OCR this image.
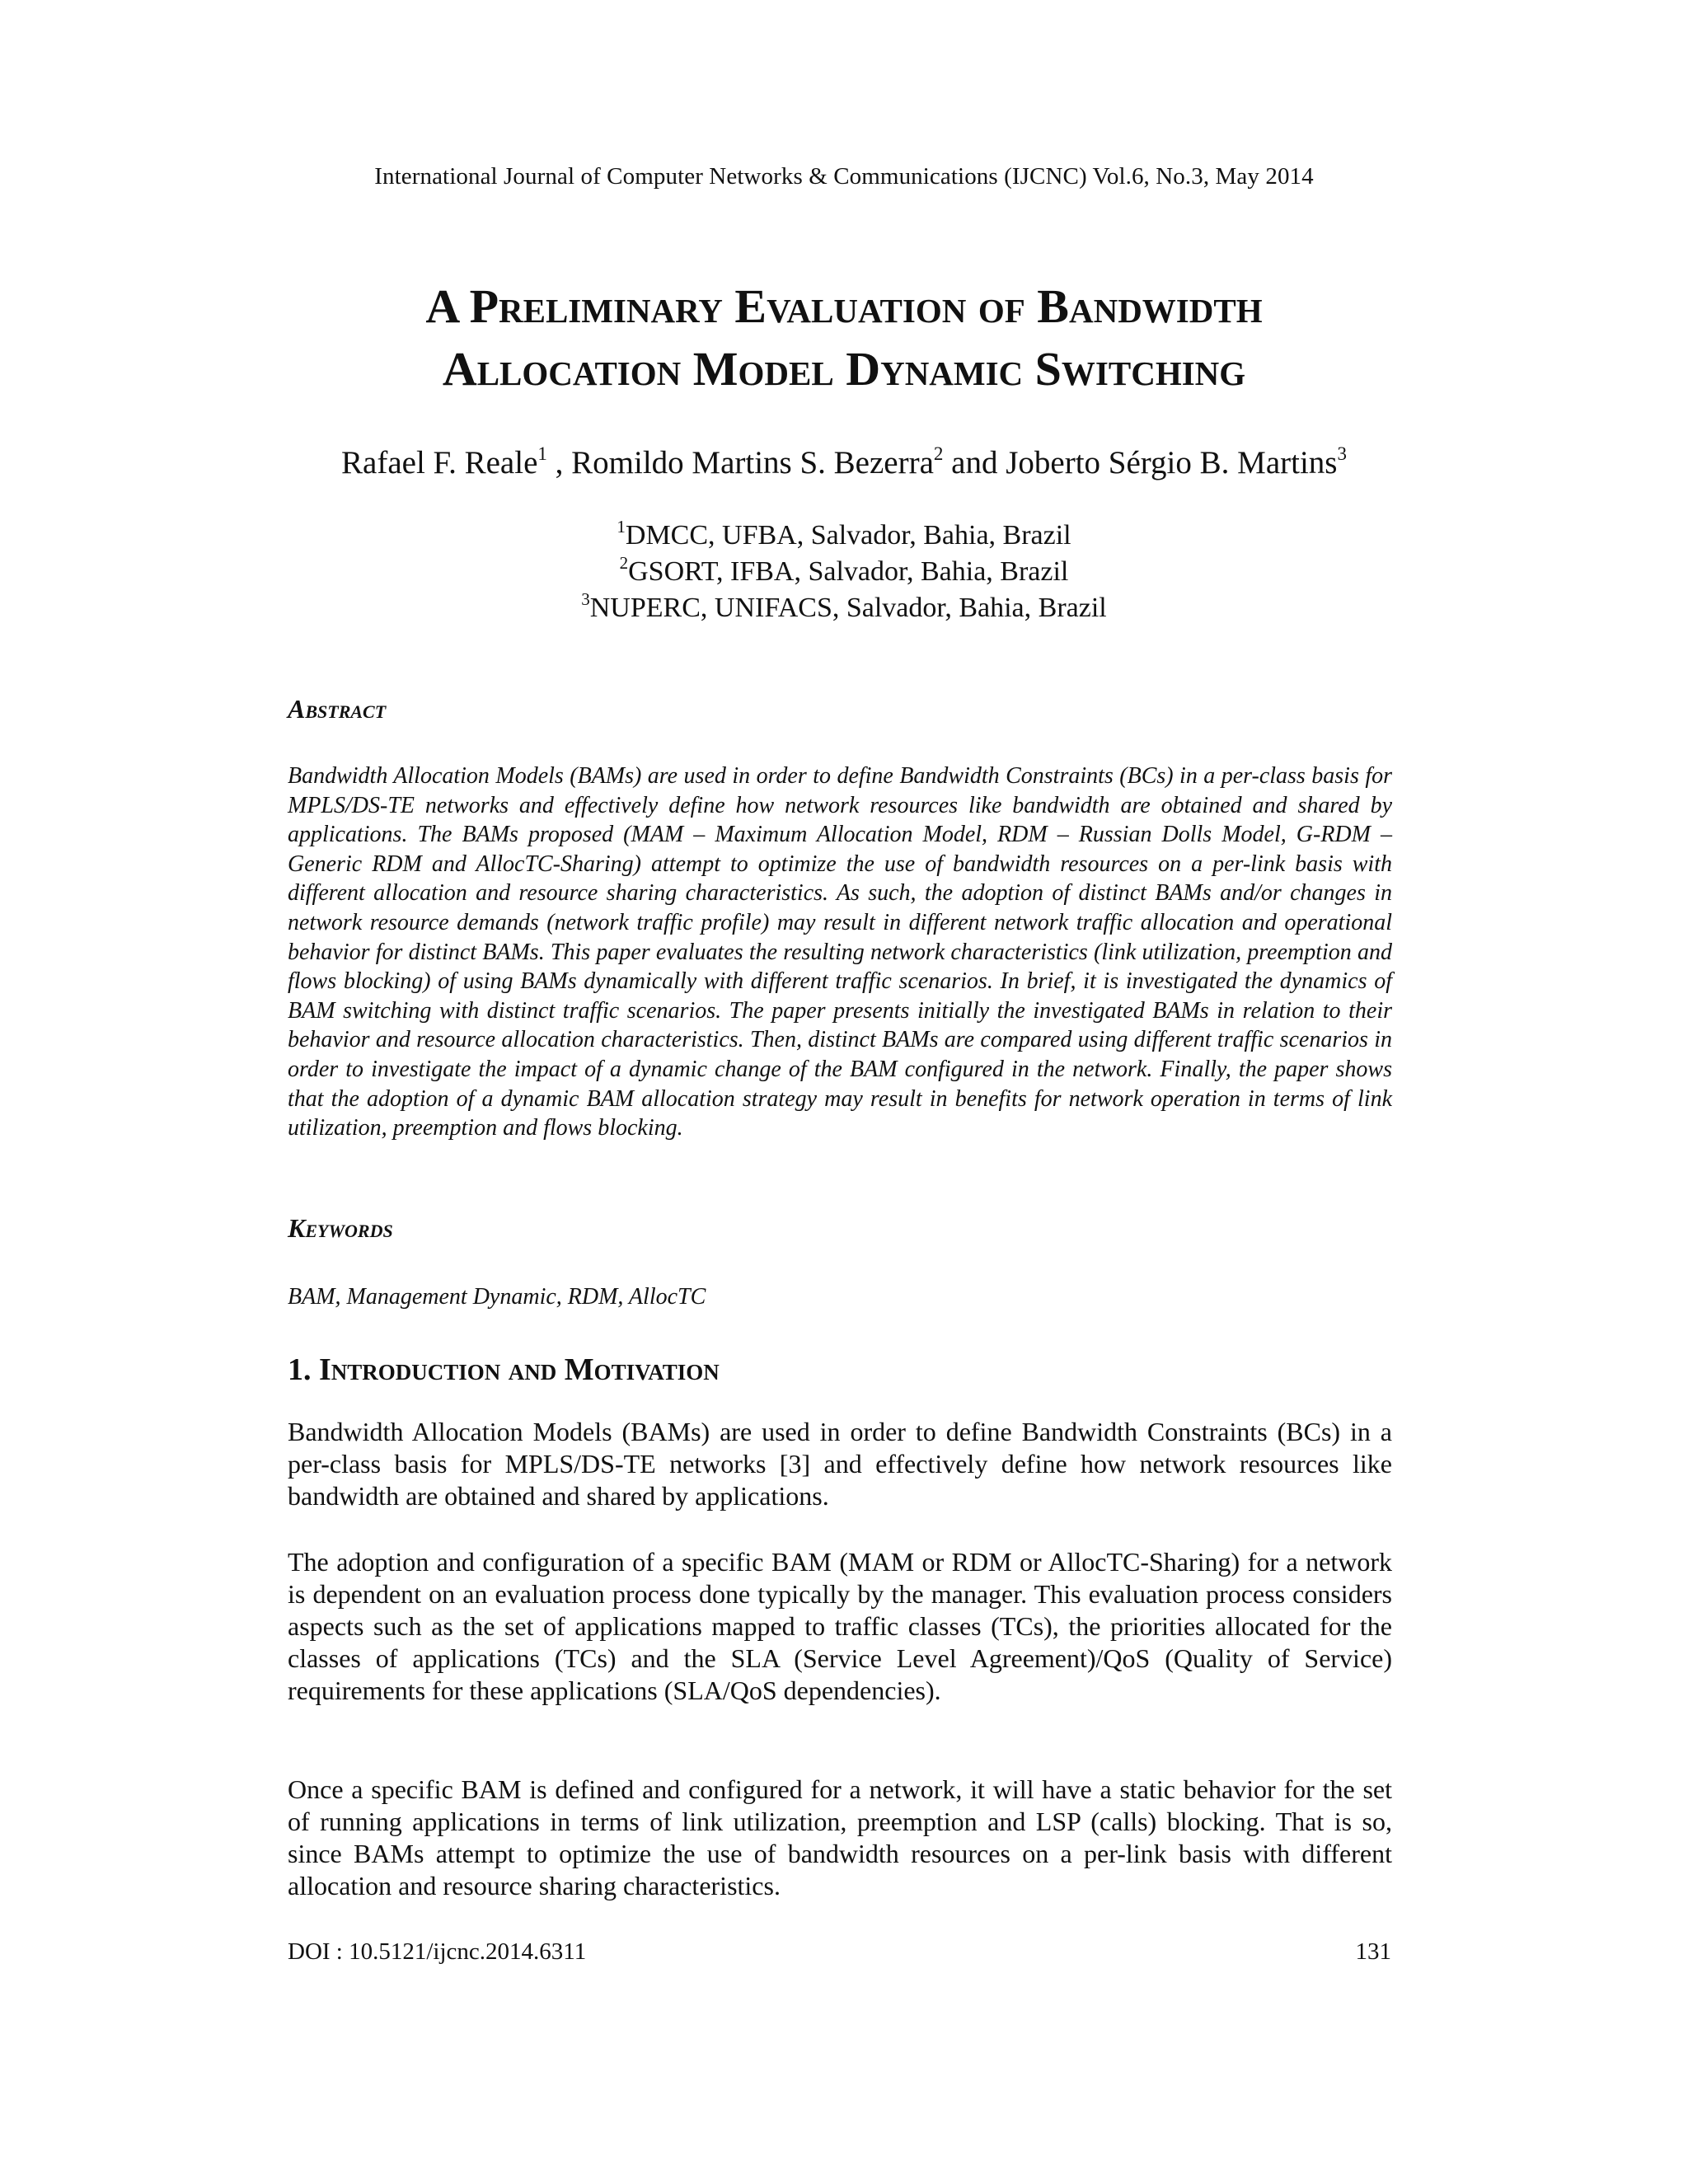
International Journal of Computer Networks & Communications (IJCNC) Vol.6, No.3, May 2014
A Preliminary Evaluation of Bandwidth
Allocation Model Dynamic Switching
Rafael F. Reale$^1$ , Romildo Martins S. Bezerra$^2$ and Joberto Sérgio B. Martins$^3$
$^1$DMCC, UFBA, Salvador, Bahia, Brazil
$^2$GSORT, IFBA, Salvador, Bahia, Brazil
$^3$NUPERC, UNIFACS, Salvador, Bahia, Brazil
Abstract

Bandwidth Allocation Models (BAMs) are used in order to define Bandwidth Constraints (BCs) in a per-class basis for MPLS/DS-TE networks and effectively define how network resources like bandwidth are obtained and shared by applications. The BAMs proposed (MAM – Maximum Allocation Model, RDM – Russian Dolls Model, G-RDM – Generic RDM and AllocTC-Sharing) attempt to optimize the use of bandwidth resources on a per-link basis with different allocation and resource sharing characteristics. As such, the adoption of distinct BAMs and/or changes in network resource demands (network traffic profile) may result in different network traffic allocation and operational behavior for distinct BAMs. This paper evaluates the resulting network characteristics (link utilization, preemption and flows blocking) of using BAMs dynamically with different traffic scenarios. In brief, it is investigated the dynamics of BAM switching with distinct traffic scenarios. The paper presents initially the investigated BAMs in relation to their behavior and resource allocation characteristics. Then, distinct BAMs are compared using different traffic scenarios in order to investigate the impact of a dynamic change of the BAM configured in the network. Finally, the paper shows that the adoption of a dynamic BAM allocation strategy may result in benefits for network operation in terms of link utilization, preemption and flows blocking.

Keywords

BAM, Management Dynamic, RDM, AllocTC

1. Introduction and Motivation

Bandwidth Allocation Models (BAMs) are used in order to define Bandwidth Constraints (BCs) in a per-class basis for MPLS/DS-TE networks [3] and effectively define how network resources like bandwidth are obtained and shared by applications.

The adoption and configuration of a specific BAM (MAM or RDM or AllocTC-Sharing) for a network is dependent on an evaluation process done typically by the manager. This evaluation process considers aspects such as the set of applications mapped to traffic classes (TCs), the priorities allocated for the classes of applications (TCs) and the SLA (Service Level Agreement)/QoS (Quality of Service) requirements for these applications (SLA/QoS dependencies).

Once a specific BAM is defined and configured for a network, it will have a static behavior for the set of running applications in terms of link utilization, preemption and LSP (calls) blocking. That is so, since BAMs attempt to optimize the use of bandwidth resources on a per-link basis with different allocation and resource sharing characteristics.

DOI : 10.5121/ijcnc.2014.6311	131
